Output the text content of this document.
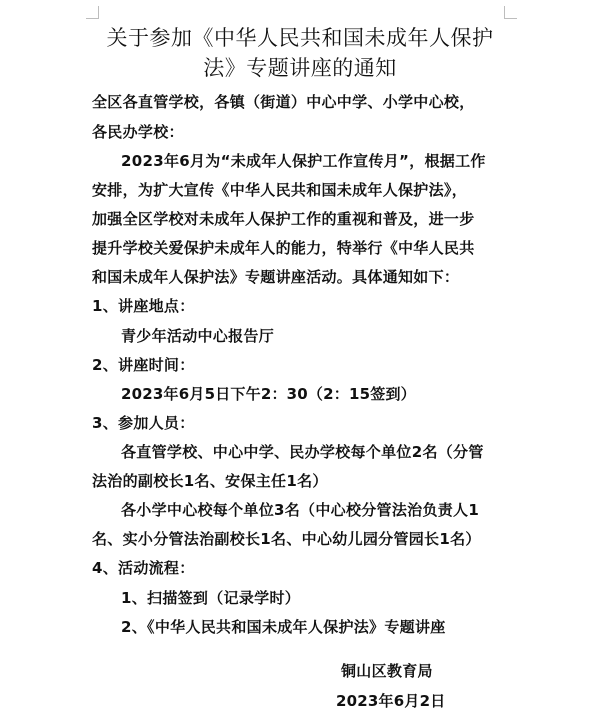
关于参加《中华人民共和国未成年人保护
法》专题讲座的通知
全区各直管学校，各镇（街道）中心中学、小学中心校，
各民办学校：
2023年6月为“未成年人保护工作宣传月”，根据工作
安排，为扩大宣传《中华人民共和国未成年人保护法》，
加强全区学校对未成年人保护工作的重视和普及，进一步
提升学校关爱保护未成年人的能力，特举行《中华人民共
和国未成年人保护法》专题讲座活动。具体通知如下：
1、讲座地点：
青少年活动中心报告厅
2、讲座时间：
2023年6月5日下午2：30（2：15签到）
3、参加人员：
各直管学校、中心中学、民办学校每个单位2名（分管
法治的副校长1名、安保主任1名）
各小学中心校每个单位3名（中心校分管法治负责人1
名、实小分管法治副校长1名、中心幼儿园分管园长1名）
4、活动流程：
1、扫描签到（记录学时）
2、《中华人民共和国未成年人保护法》专题讲座
铜山区教育局
2023年6月2日
